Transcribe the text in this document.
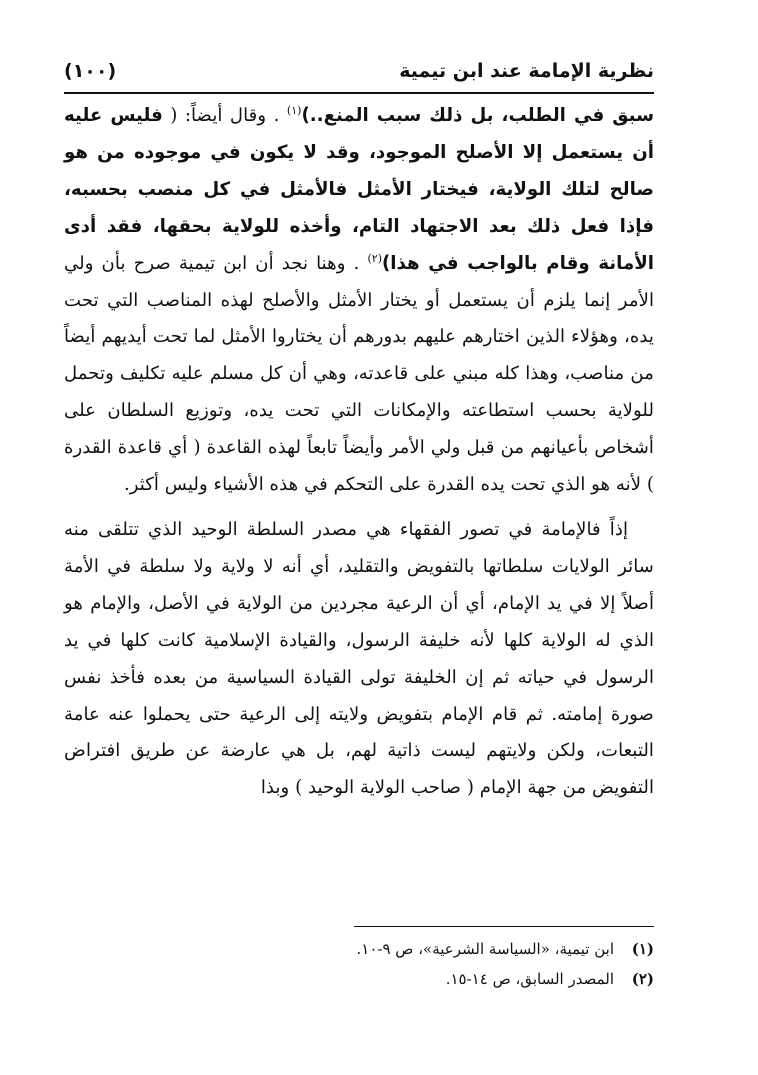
نظرية الإمامة عند ابن تيمية
(١٠٠)

سبق في الطلب، بل ذلك سبب المنع..)$^{(١)}$ . وقال أيضاً: ( فليس عليه أن يستعمل إلا الأصلح الموجود، وقد لا يكون في موجوده من هو صالح لتلك الولاية، فيختار الأمثل فالأمثل في كل منصب بحسبه، فإذا فعل ذلك بعد الاجتهاد التام، وأخذه للولاية بحقها، فقد أدى الأمانة وقام بالواجب في هذا)$^{(٢)}$ . وهنا نجد أن ابن تيمية صرح بأن ولي الأمر إنما يلزم أن يستعمل أو يختار الأمثل والأصلح لهذه المناصب التي تحت يده، وهؤلاء الذين اختارهم عليهم بدورهم أن يختاروا الأمثل لما تحت أيديهم أيضاً من مناصب، وهذا كله مبني على قاعدته، وهي أن كل مسلم عليه تكليف وتحمل للولاية بحسب استطاعته والإمكانات التي تحت يده، وتوزيع السلطان على أشخاص بأعيانهم من قبل ولي الأمر وأيضاً تابعاً لهذه القاعدة ( أي قاعدة القدرة ) لأنه هو الذي تحت يده القدرة على التحكم في هذه الأشياء وليس أكثر.

إذاً فالإمامة في تصور الفقهاء هي مصدر السلطة الوحيد الذي تتلقى منه سائر الولايات سلطاتها بالتفويض والتقليد، أي أنه لا ولاية ولا سلطة في الأمة أصلاً إلا في يد الإمام، أي أن الرعية مجردين من الولاية في الأصل، والإمام هو الذي له الولاية كلها لأنه خليفة الرسول، والقيادة الإسلامية كانت كلها في يد الرسول في حياته ثم إن الخليفة تولى القيادة السياسية من بعده فأخذ نفس صورة إمامته. ثم قام الإمام بتفويض ولايته إلى الرعية حتى يحملوا عنه عامة التبعات، ولكن ولايتهم ليست ذاتية لهم، بل هي عارضة عن طريق افتراض التفويض من جهة الإمام ( صاحب الولاية الوحيد ) وبذا

(١)ابن تيمية، «السياسة الشرعية»، ص ٩-١٠.
(٢)المصدر السابق، ص ١٤-١٥.
